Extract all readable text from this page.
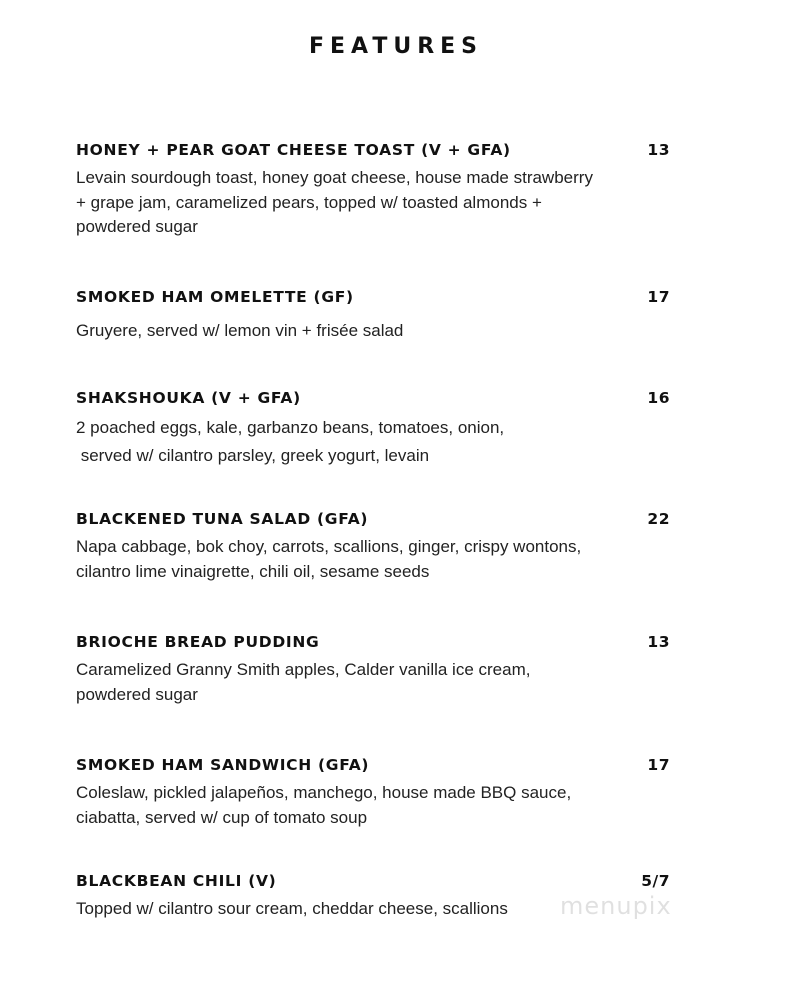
FEATURES
HONEY + PEAR GOAT CHEESE TOAST (V + GFA)	13
Levain sourdough toast, honey goat cheese, house made strawberry
+ grape jam, caramelized pears, topped w/ toasted almonds +
powdered sugar
SMOKED HAM OMELETTE (GF)	17
Gruyere, served w/ lemon vin + frisée salad
SHAKSHOUKA (V + GFA)	16
2 poached eggs, kale, garbanzo beans, tomatoes, onion,
served w/ cilantro parsley, greek yogurt, levain
BLACKENED TUNA SALAD (GFA)	22
Napa cabbage, bok choy, carrots, scallions, ginger, crispy wontons,
cilantro lime vinaigrette, chili oil, sesame seeds
BRIOCHE BREAD PUDDING	13
Caramelized Granny Smith apples, Calder vanilla ice cream,
powdered sugar
SMOKED HAM SANDWICH (GFA)	17
Coleslaw, pickled jalapeños, manchego, house made BBQ sauce,
ciabatta, served w/ cup of tomato soup
BLACKBEAN CHILI (V)	5/7
Topped w/ cilantro sour cream, cheddar cheese, scallions	menupix
